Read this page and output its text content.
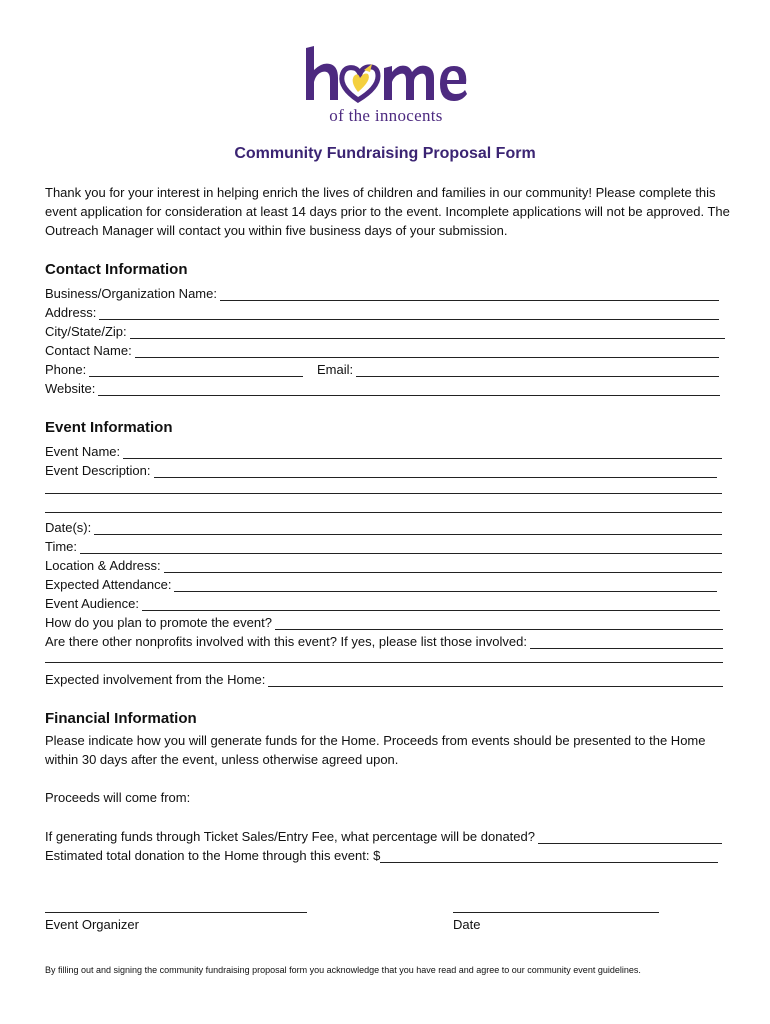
of the innocents
Community Fundraising Proposal Form
Thank you for your interest in helping enrich the lives of children and families in our community! Please complete this event application for consideration at least 14 days prior to the event. Incomplete applications will not be approved. The Outreach Manager will contact you within five business days of your submission.
Contact Information
Business/Organization Name:
Address:
City/State/Zip:
Contact Name:
Phone:	Email:
Website:
Event Information
Event Name:
Event Description:
Date(s):
Time:
Location & Address:
Expected Attendance:
Event Audience:
How do you plan to promote the event?
Are there other nonprofits involved with this event? If yes, please list those involved:
Expected involvement from the Home:
Financial Information
Please indicate how you will generate funds for the Home. Proceeds from events should be presented to the Home within 30 days after the event, unless otherwise agreed upon.
Proceeds will come from:
If generating funds through Ticket Sales/Entry Fee, what percentage will be donated?
Estimated total donation to the Home through this event: $
Event Organizer	Date
By filling out and signing the community fundraising proposal form you acknowledge that you have read and agree to our community event guidelines.
